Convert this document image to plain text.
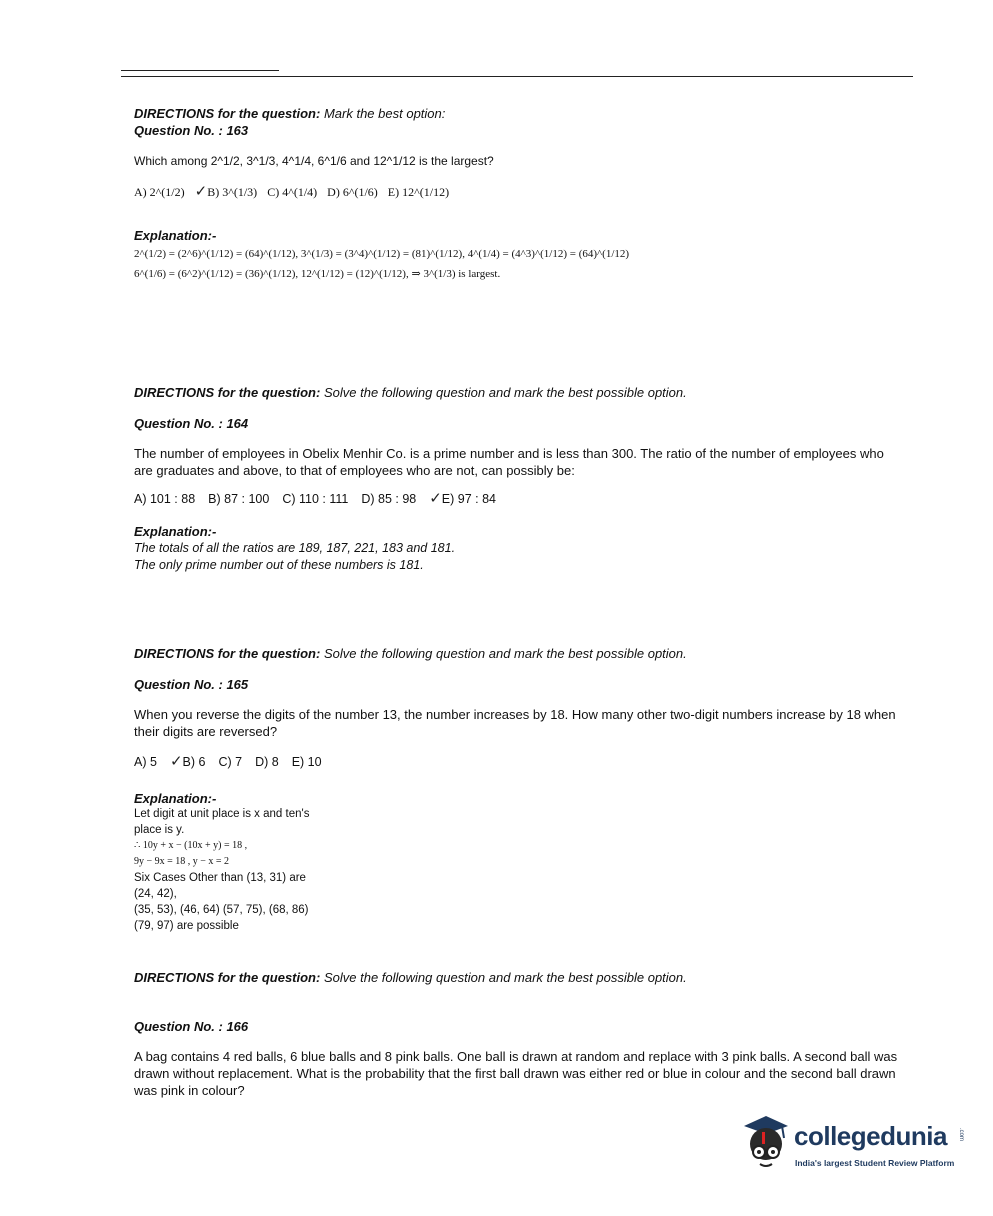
DIRECTIONS for the question: Mark the best option:

Question No. : 163

Which among 2^1/2, 3^1/3, 4^1/4, 6^1/6 and 12^1/12 is the largest?

A) 2^(1/2) ✓B) 3^(1/3) C) 4^(1/4) D) 6^(1/6) E) 12^(1/12)

Explanation:-

2^(1/2) = (2^6)^(1/12) = (64)^(1/12), 3^(1/3) = (3^4)^(1/12) = (81)^(1/12), 4^(1/4) = (4^3)^(1/12) = (64)^(1/12)
6^(1/6) = (6^2)^(1/12) = (36)^(1/12), 12^(1/12) = (12)^(1/12), ⇒ 3^(1/3) is largest.

DIRECTIONS for the question: Solve the following question and mark the best possible option.

Question No. : 164

The number of employees in Obelix Menhir Co. is a prime number and is less than 300. The ratio of the number of employees who are graduates and above, to that of employees who are not, can possibly be:

A) 101 : 88 B) 87 : 100 C) 110 : 111 D) 85 : 98 ✓E) 97 : 84

Explanation:-

The totals of all the ratios are 189, 187, 221, 183 and 181.

The only prime number out of these numbers is 181.

DIRECTIONS for the question: Solve the following question and mark the best possible option.

Question No. : 165

When you reverse the digits of the number 13, the number increases by 18. How many other two-digit numbers increase by 18 when their digits are reversed?

A) 5 ✓B) 6 C) 7 D) 8 E) 10

Explanation:-

Let digit at unit place is x and ten's

place is y.

∴ 10y + x − (10x + y) = 18 ,

9y − 9x = 18 , y − x = 2

Six Cases Other than (13, 31) are

(24, 42),

(35, 53), (46, 64) (57, 75), (68, 86)

(79, 97) are possible

DIRECTIONS for the question: Solve the following question and mark the best possible option.

Question No. : 166

A bag contains 4 red balls, 6 blue balls and 8 pink balls. One ball is drawn at random and replace with 3 pink balls. A second ball was drawn without replacement. What is the probability that the first ball drawn was either red or blue in colour and the second ball drawn was pink in colour?

collegedunia .com
India's largest Student Review Platform
